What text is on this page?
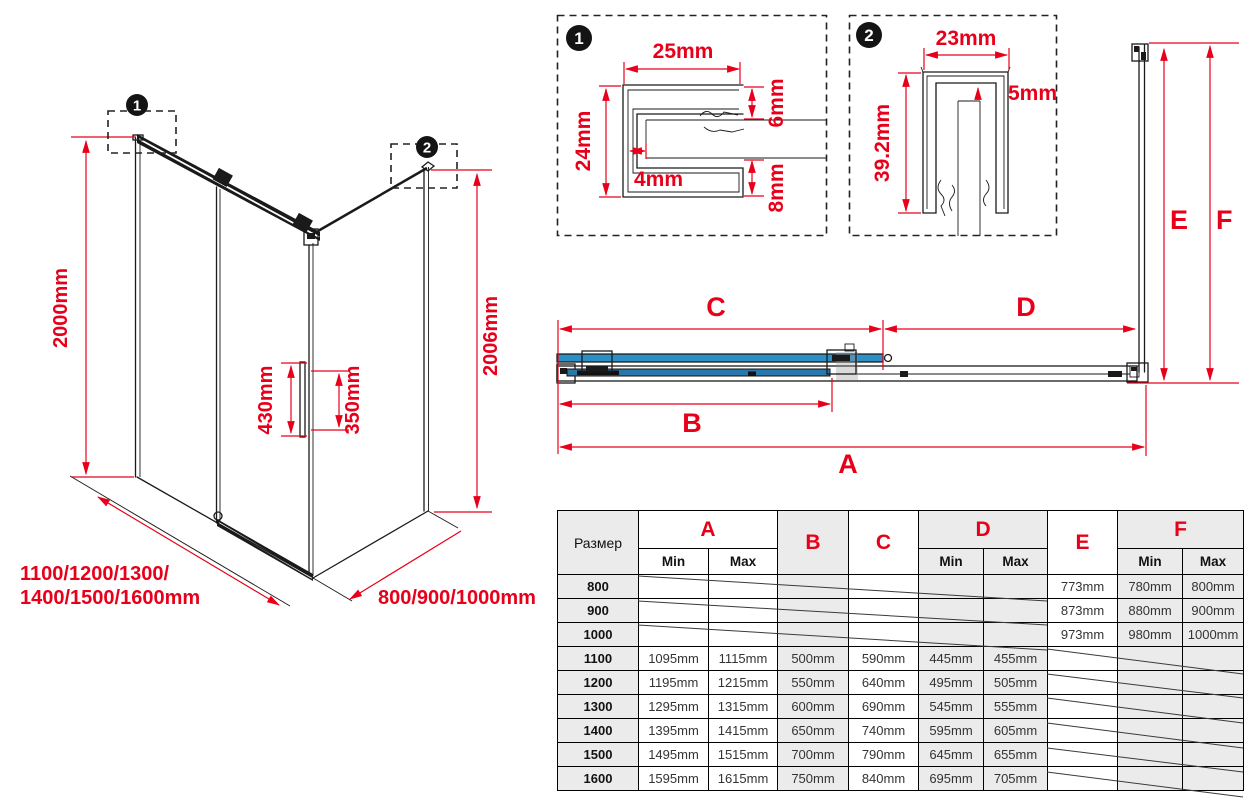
2000mm	2006mm
430mm	350mm
1100/1200/1300/
1400/1500/1600mm	800/900/1000mm
1
2
1
25mm
24mm
4mm
6mm
8mm
2	23mm
39.2mm
5mm
C	D
B
A
E F
Размер	A		B	C	D		E	F	
	Min	Max			Min	Max		Min	Max
800							773mm	780mm	800mm
900							873mm	880mm	900mm
1000							973mm	980mm	1000mm
1100	1095mm	1115mm	500mm	590mm	445mm	455mm			
1200	1195mm	1215mm	550mm	640mm	495mm	505mm			
1300	1295mm	1315mm	600mm	690mm	545mm	555mm			
1400	1395mm	1415mm	650mm	740mm	595mm	605mm			
1500	1495mm	1515mm	700mm	790mm	645mm	655mm			
1600	1595mm	1615mm	750mm	840mm	695mm	705mm			
